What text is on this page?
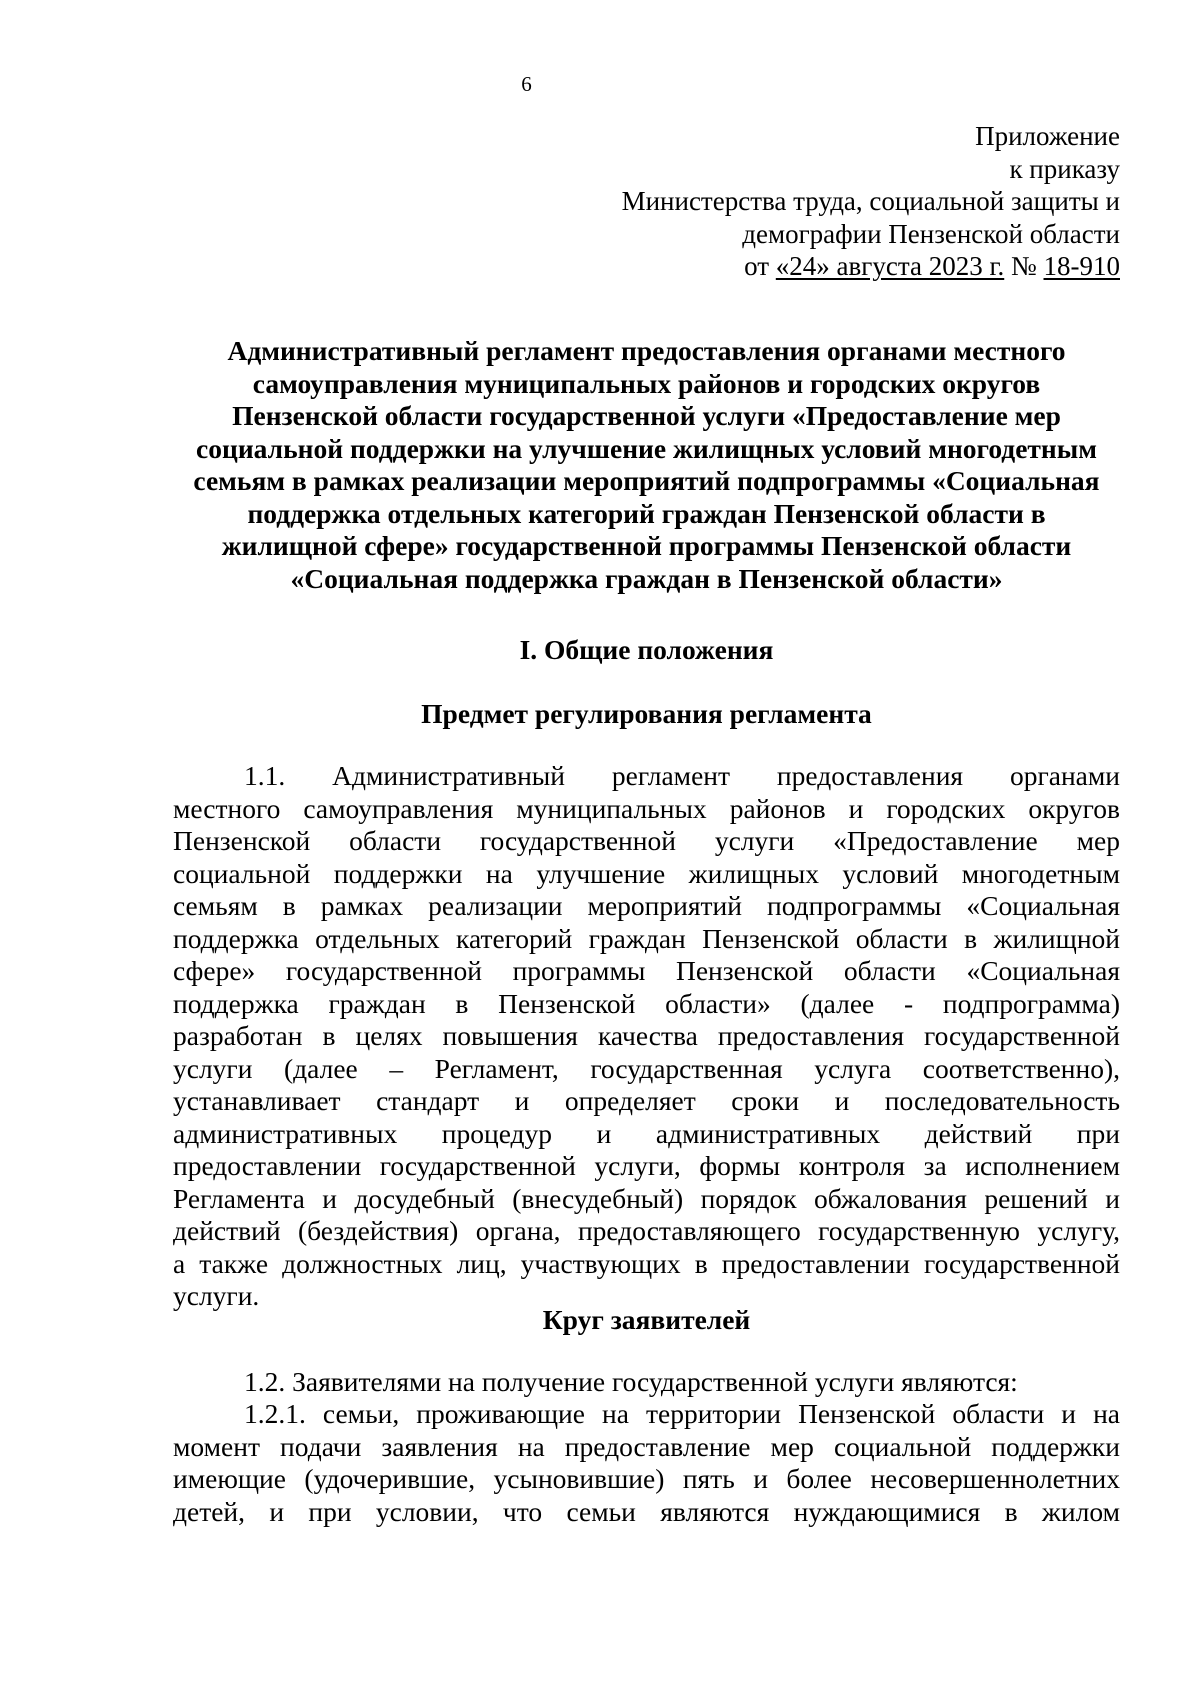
6
Приложение
к приказу
Министерства труда, социальной защиты и
демографии Пензенской области
от «24» августа 2023 г. № 18-910
Административный регламент предоставления органами местного
самоуправления муниципальных районов и городских округов
Пензенской области государственной услуги «Предоставление мер
социальной поддержки на улучшение жилищных условий многодетным
семьям в рамках реализации мероприятий подпрограммы «Социальная
поддержка отдельных категорий граждан Пензенской области в
жилищной сфере» государственной программы Пензенской области
«Социальная поддержка граждан в Пензенской области»
I. Общие положения
Предмет регулирования регламента
1.1. Административный регламент предоставления органами
местного самоуправления муниципальных районов и городских округов
Пензенской области государственной услуги «Предоставление мер
социальной поддержки на улучшение жилищных условий многодетным
семьям в рамках реализации мероприятий подпрограммы «Социальная
поддержка отдельных категорий граждан Пензенской области в жилищной
сфере» государственной программы Пензенской области «Социальная
поддержка граждан в Пензенской области» (далее - подпрограмма)
разработан в целях повышения качества предоставления государственной
услуги (далее – Регламент, государственная услуга соответственно),
устанавливает стандарт и определяет сроки и последовательность
административных процедур и административных действий при
предоставлении государственной услуги, формы контроля за исполнением
Регламента и досудебный (внесудебный) порядок обжалования решений и
действий (бездействия) органа, предоставляющего государственную услугу,
а также должностных лиц, участвующих в предоставлении государственной
услуги.
Круг заявителей
1.2. Заявителями на получение государственной услуги являются:
1.2.1. семьи, проживающие на территории Пензенской области и на
момент подачи заявления на предоставление мер социальной поддержки
имеющие (удочерившие, усыновившие) пять и более несовершеннолетних
детей, и при условии, что семьи являются нуждающимися в жилом
